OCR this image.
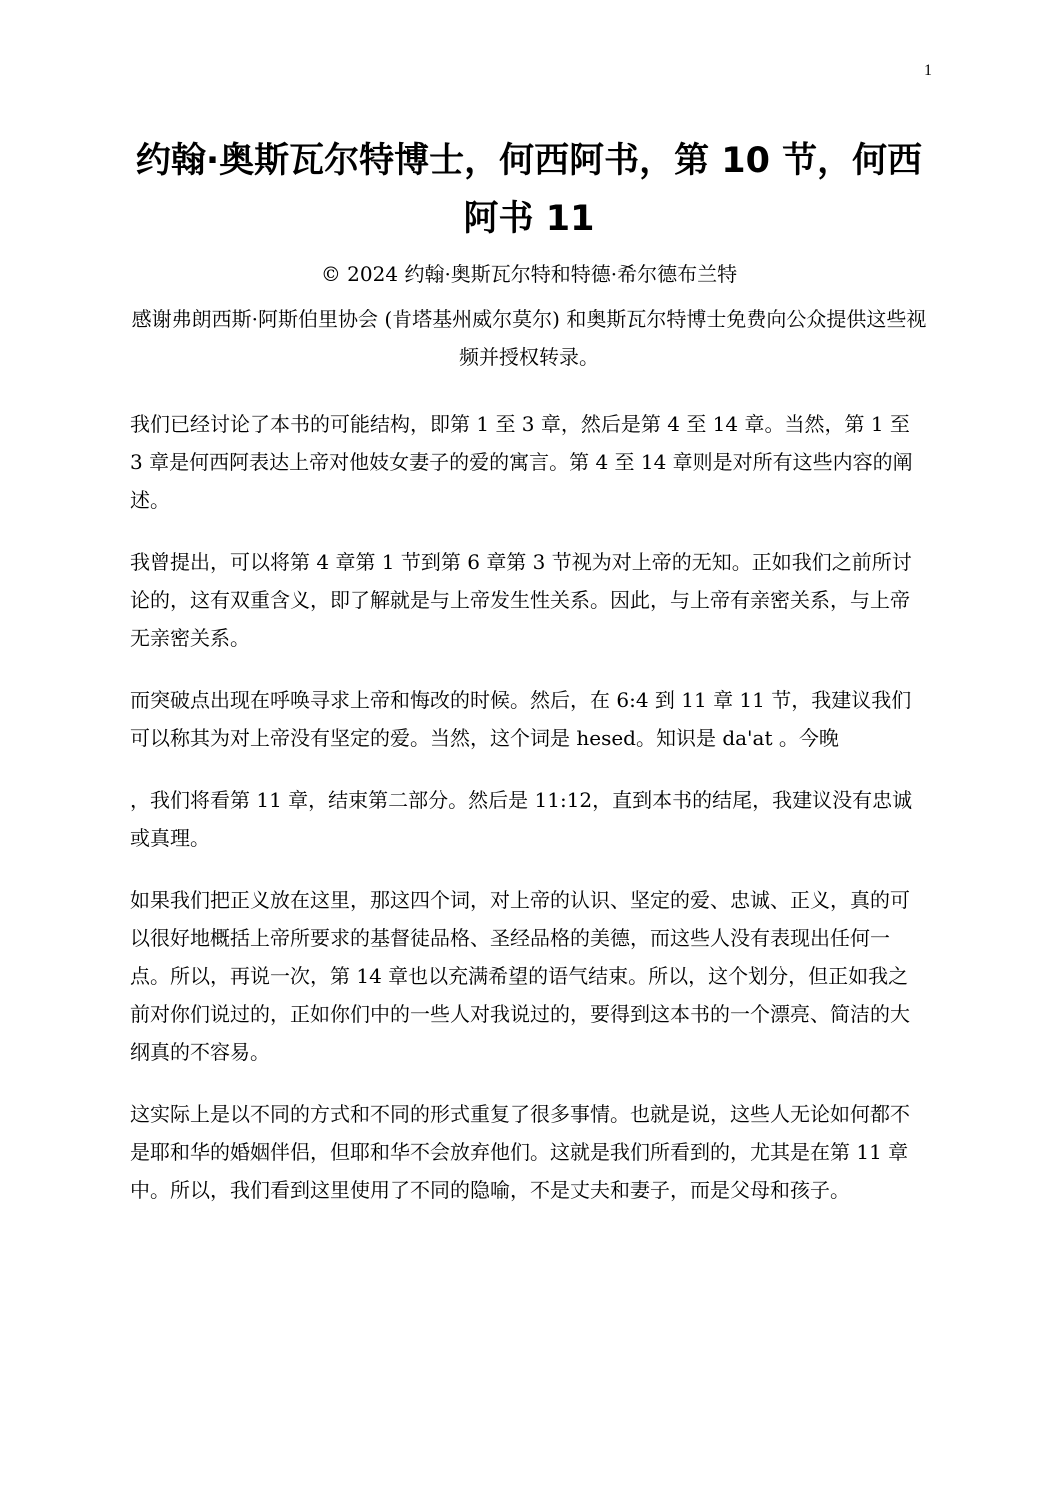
1
约翰·奥斯瓦尔特博士，何西阿书，第 10 节，何西阿书 11
© 2024 约翰·奥斯瓦尔特和特德·希尔德布兰特
感谢弗朗西斯·阿斯伯里协会 (肯塔基州威尔莫尔) 和奥斯瓦尔特博士免费向公众提供这些视频并授权转录。

我们已经讨论了本书的可能结构，即第 1 至 3 章，然后是第 4 至 14 章。当然，第 1 至 3 章是何西阿表达上帝对他妓女妻子的爱的寓言。第 4 至 14 章则是对所有这些内容的阐述。

我曾提出，可以将第 4 章第 1 节到第 6 章第 3 节视为对上帝的无知。正如我们之前所讨论的，这有双重含义，即了解就是与上帝发生性关系。因此，与上帝有亲密关系，与上帝无亲密关系。

而突破点出现在呼唤寻求上帝和悔改的时候。然后，在 6:4 到 11 章 11 节，我建议我们可以称其为对上帝没有坚定的爱。当然，这个词是 hesed。知识是 da'at 。今晚

，我们将看第 11 章，结束第二部分。然后是 11:12，直到本书的结尾，我建议没有忠诚或真理。

如果我们把正义放在这里，那这四个词，对上帝的认识、坚定的爱、忠诚、正义，真的可以很好地概括上帝所要求的基督徒品格、圣经品格的美德，而这些人没有表现出任何一点。所以，再说一次，第 14 章也以充满希望的语气结束。所以，这个划分，但正如我之前对你们说过的，正如你们中的一些人对我说过的，要得到这本书的一个漂亮、简洁的大纲真的不容易。

这实际上是以不同的方式和不同的形式重复了很多事情。也就是说，这些人无论如何都不是耶和华的婚姻伴侣，但耶和华不会放弃他们。这就是我们所看到的，尤其是在第 11 章中。所以，我们看到这里使用了不同的隐喻，不是丈夫和妻子，而是父母和孩子。
